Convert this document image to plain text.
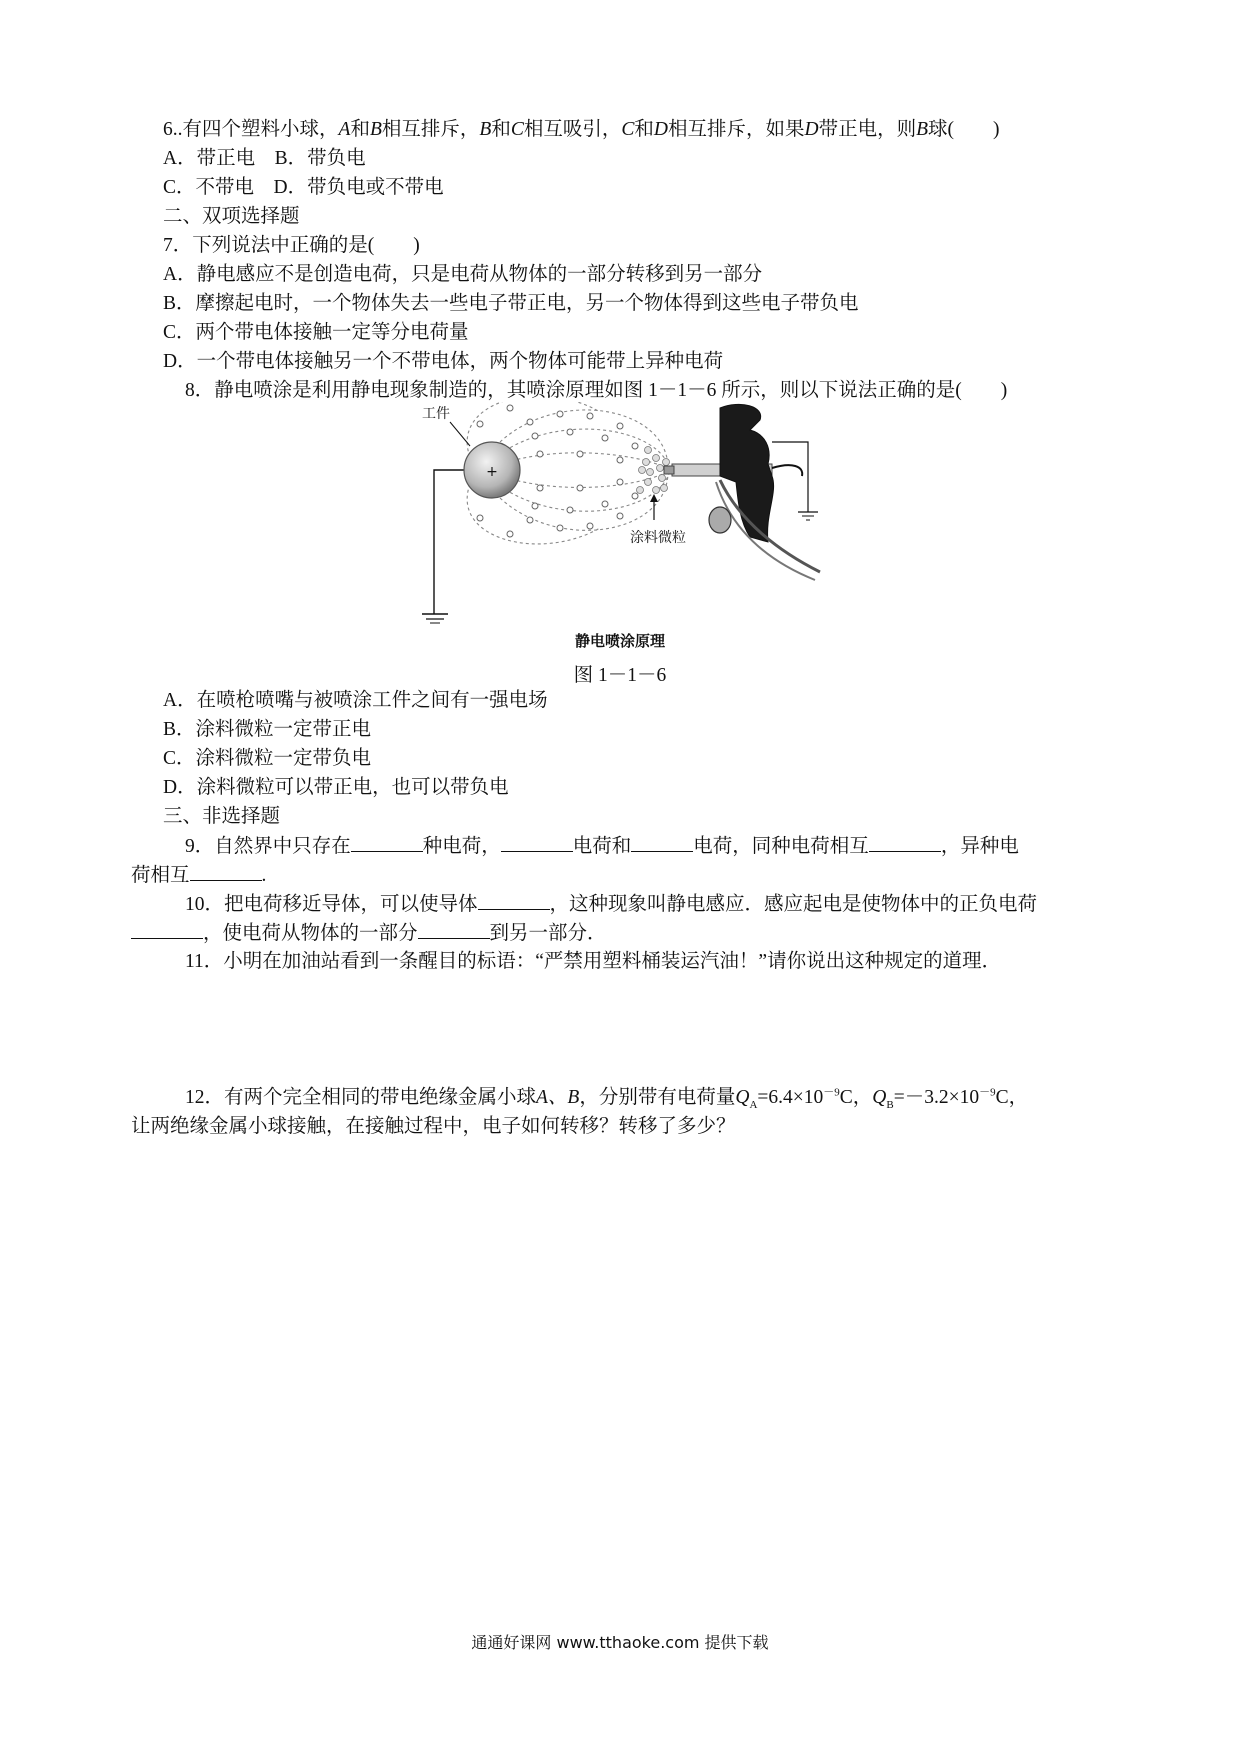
6..有四个塑料小球，A和B相互排斥，B和C相互吸引，C和D相互排斥，如果D带正电，则B球(　　)
A．带正电　B．带负电
C．不带电　D．带负电或不带电
二、双项选择题
7．下列说法中正确的是(　　)
A．静电感应不是创造电荷，只是电荷从物体的一部分转移到另一部分
B．摩擦起电时，一个物体失去一些电子带正电，另一个物体得到这些电子带负电
C．两个带电体接触一定等分电荷量
D．一个带电体接触另一个不带电体，两个物体可能带上异种电荷
8．静电喷涂是利用静电现象制造的，其喷涂原理如图 1－1－6 所示，则以下说法正确的是(　　)
+
工件
涂料微粒
静电喷涂原理
图 1－1－6
A．在喷枪喷嘴与被喷涂工件之间有一强电场
B．涂料微粒一定带正电
C．涂料微粒一定带负电
D．涂料微粒可以带正电，也可以带负电
三、非选择题
9．自然界中只存在	种电荷，	电荷和	电荷，同种电荷相互	，异种电
荷相互	.
10．把电荷移近导体，可以使导体	，这种现象叫静电感应．感应起电是使物体中的正负电荷
，使电荷从物体的一部分	到另一部分．
11．小明在加油站看到一条醒目的标语：“严禁用塑料桶装运汽油！”请你说出这种规定的道理．
12．有两个完全相同的带电绝缘金属小球A、B，分别带有电荷量$Q_A=6.4\times 10^{-9}C$，$Q_B=-3.2\times 10^{-9}C$，
让两绝缘金属小球接触，在接触过程中，电子如何转移？转移了多少？
通通好课网 www.tthaoke.com 提供下载
